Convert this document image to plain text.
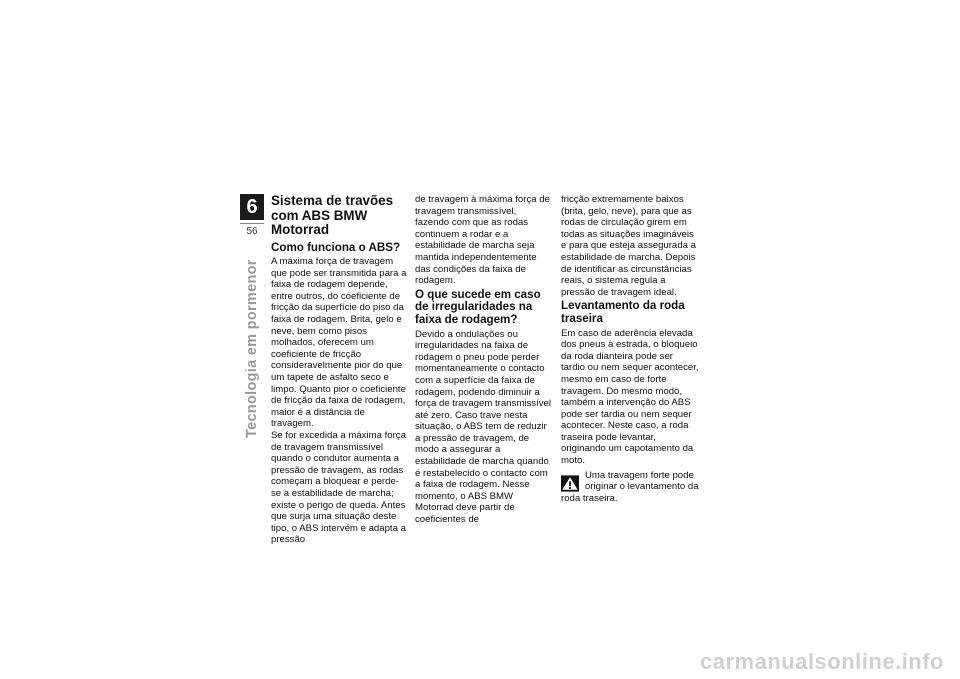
6
56
Tecnologia em pormenor
Sistema de travões com ABS BMW Motorrad
Como funciona o ABS?

A máxima força de travagem que pode ser transmitida para a faixa de rodagem depende, entre outros, do coeficiente de fricção da superfície do piso da faixa de rodagem. Brita, gelo e neve, bem como pisos molhados, oferecem um coeficiente de fricção consideravelmente pior do que um tapete de asfalto seco e limpo. Quanto pior o coeficiente de fricção da faixa de rodagem, maior é a distância de travagem.

Se for excedida a máxima força de travagem transmissível quando o condutor aumenta a pressão de travagem, as rodas começam a bloquear e perde-se a estabilidade de marcha; existe o perigo de queda. Antes que surja uma situação deste tipo, o ABS intervém e adapta a pressão

de travagem à máxima força de travagem transmissível, fazendo com que as rodas continuem a rodar e a estabilidade de marcha seja mantida independentemente das condições da faixa de rodagem.

O que sucede em caso de irregularidades na faixa de rodagem?

Devido a ondulações ou irregularidades na faixa de rodagem o pneu pode perder momentaneamente o contacto com a superfície da faixa de rodagem, podendo diminuir a força de travagem transmissível até zero. Caso trave nesta situação, o ABS tem de reduzir a pressão de travagem, de modo a assegurar a estabilidade de marcha quando é restabelecido o contacto com a faixa de rodagem. Nesse momento, o ABS BMW Motorrad deve partir de coeficientes de

fricção extremamente baixos (brita, gelo, neve), para que as rodas de circulação girem em todas as situações imagináveis e para que esteja assegurada a estabilidade de marcha. Depois de identificar as circunstâncias reais, o sistema regula a pressão de travagem ideal.

Levantamento da roda traseira

Em caso de aderência elevada dos pneus à estrada, o bloqueio da roda dianteira pode ser tardio ou nem sequer acontecer, mesmo em caso de forte travagem. Do mesmo modo, também a intervenção do ABS pode ser tardia ou nem sequer acontecer. Neste caso, a roda traseira pode levantar, originando um capotamento da moto.

Uma travagem forte pode originar o levantamento da roda traseira.
carmanualsonline.info
